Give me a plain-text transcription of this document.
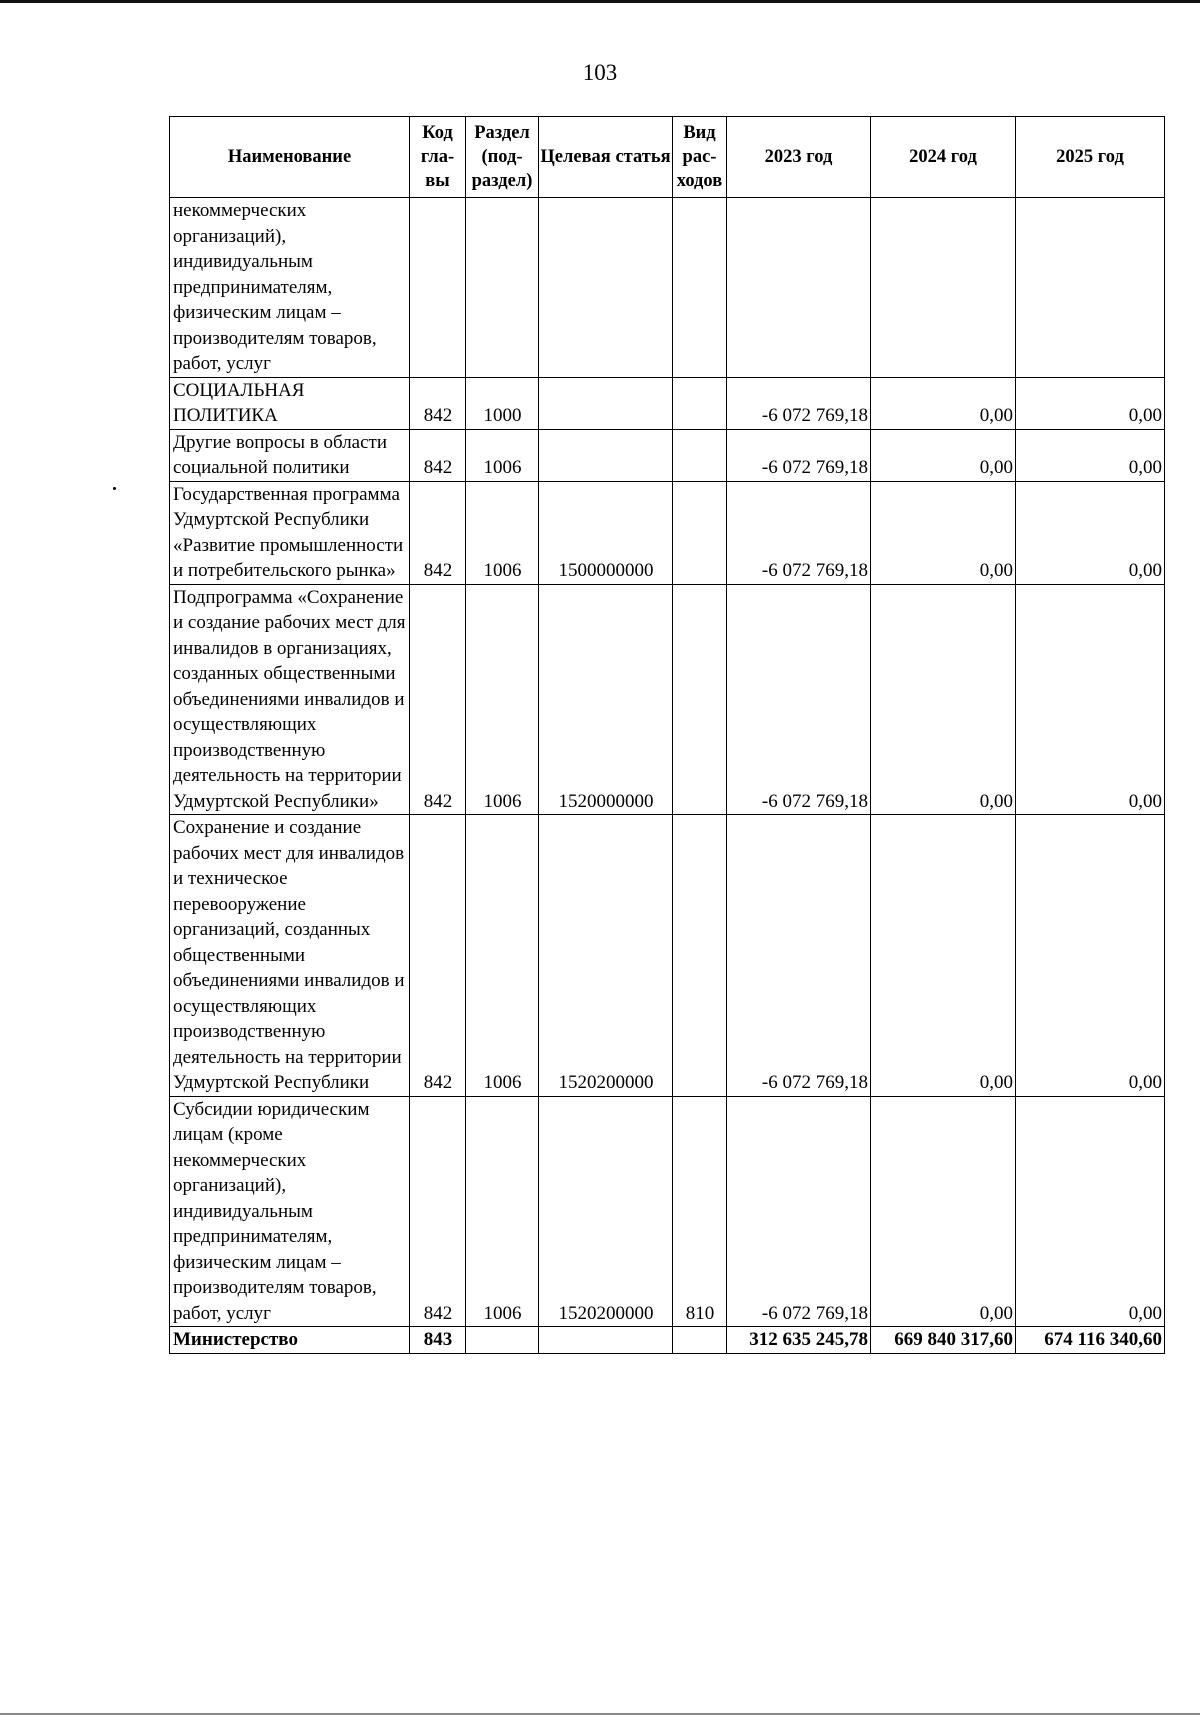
103
Наименование	Код гла- вы	Раздел (под- раздел)	Целевая статья	Вид рас- ходов	2023 год	2024 год	2025 год
некоммерческих организаций), индивидуальным предпринимателям, физическим лицам – производителям товаров, работ, услуг							
СОЦИАЛЬНАЯ ПОЛИТИКА	842	1000			-6 072 769,18	0,00	0,00
Другие вопросы в области социальной политики	842	1006			-6 072 769,18	0,00	0,00
Государственная программа Удмуртской Республики «Развитие промышленности и потребительского рынка»	842	1006	1500000000		-6 072 769,18	0,00	0,00
Подпрограмма «Сохранение и создание рабочих мест для инвалидов в организациях, созданных общественными объединениями инвалидов и осуществляющих производственную деятельность на территории Удмуртской Республики»	842	1006	1520000000		-6 072 769,18	0,00	0,00
Сохранение и создание рабочих мест для инвалидов и техническое перевооружение организаций, созданных общественными объединениями инвалидов и осуществляющих производственную деятельность на территории Удмуртской Республики	842	1006	1520200000		-6 072 769,18	0,00	0,00
Субсидии юридическим лицам (кроме некоммерческих организаций), индивидуальным предпринимателям, физическим лицам – производителям товаров, работ, услуг	842	1006	1520200000	810	-6 072 769,18	0,00	0,00
Министерство	843				312 635 245,78	669 840 317,60	674 116 340,60
